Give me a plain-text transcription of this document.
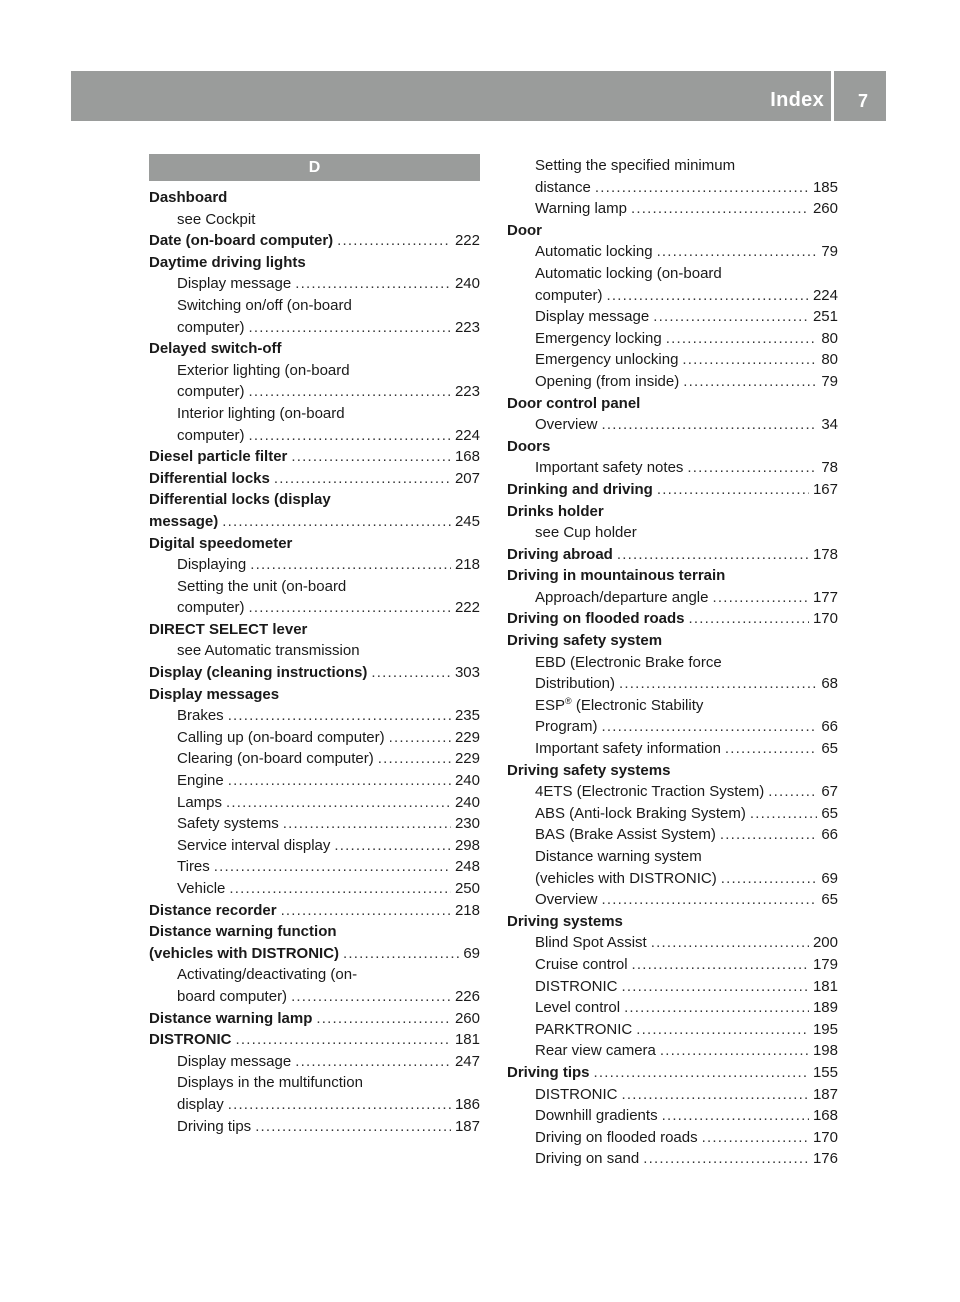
Index 7
D
Dashboard
see Cockpit
Date (on-board computer) .....	222
Daytime driving lights
Display message .....	240
Switching on/off (on-board
computer) .....	223
Delayed switch-off
Exterior lighting (on-board
computer) .....	223
Interior lighting (on-board
computer) .....	224
Diesel particle filter .....	168
Differential locks .....	207
Differential locks (display
message) .....	245
Digital speedometer
Displaying .....	218
Setting the unit (on-board
computer) .....	222
DIRECT SELECT lever
see Automatic transmission
Display (cleaning instructions) .....	303
Display messages
Brakes .....	235
Calling up (on-board computer) .....	229
Clearing (on-board computer) .....	229
Engine .....	240
Lamps .....	240
Safety systems .....	230
Service interval display .....	298
Tires .....	248
Vehicle .....	250
Distance recorder .....	218
Distance warning function
(vehicles with DISTRONIC) .....	69
Activating/deactivating (on-
board computer) .....	226
Distance warning lamp .....	260
DISTRONIC .....	181
Display message .....	247
Displays in the multifunction
display .....	186
Driving tips .....	187
Setting the specified minimum
distance .....	185
Warning lamp .....	260
Door
Automatic locking .....	79
Automatic locking (on-board
computer) .....	224
Display message .....	251
Emergency locking .....	80
Emergency unlocking .....	80
Opening (from inside) .....	79
Door control panel
Overview .....	34
Doors
Important safety notes .....	78
Drinking and driving .....	167
Drinks holder
see Cup holder
Driving abroad .....	178
Driving in mountainous terrain
Approach/departure angle .....	177
Driving on flooded roads .....	170
Driving safety system
EBD (Electronic Brake force
Distribution) .....	68
ESP® (Electronic Stability
Program) .....	66
Important safety information .....	65
Driving safety systems
4ETS (Electronic Traction System) .....	67
ABS (Anti-lock Braking System) .....	65
BAS (Brake Assist System) .....	66
Distance warning system
(vehicles with DISTRONIC) .....	69
Overview .....	65
Driving systems
Blind Spot Assist .....	200
Cruise control .....	179
DISTRONIC .....	181
Level control .....	189
PARKTRONIC .....	195
Rear view camera .....	198
Driving tips .....	155
DISTRONIC .....	187
Downhill gradients .....	168
Driving on flooded roads .....	170
Driving on sand .....	176
